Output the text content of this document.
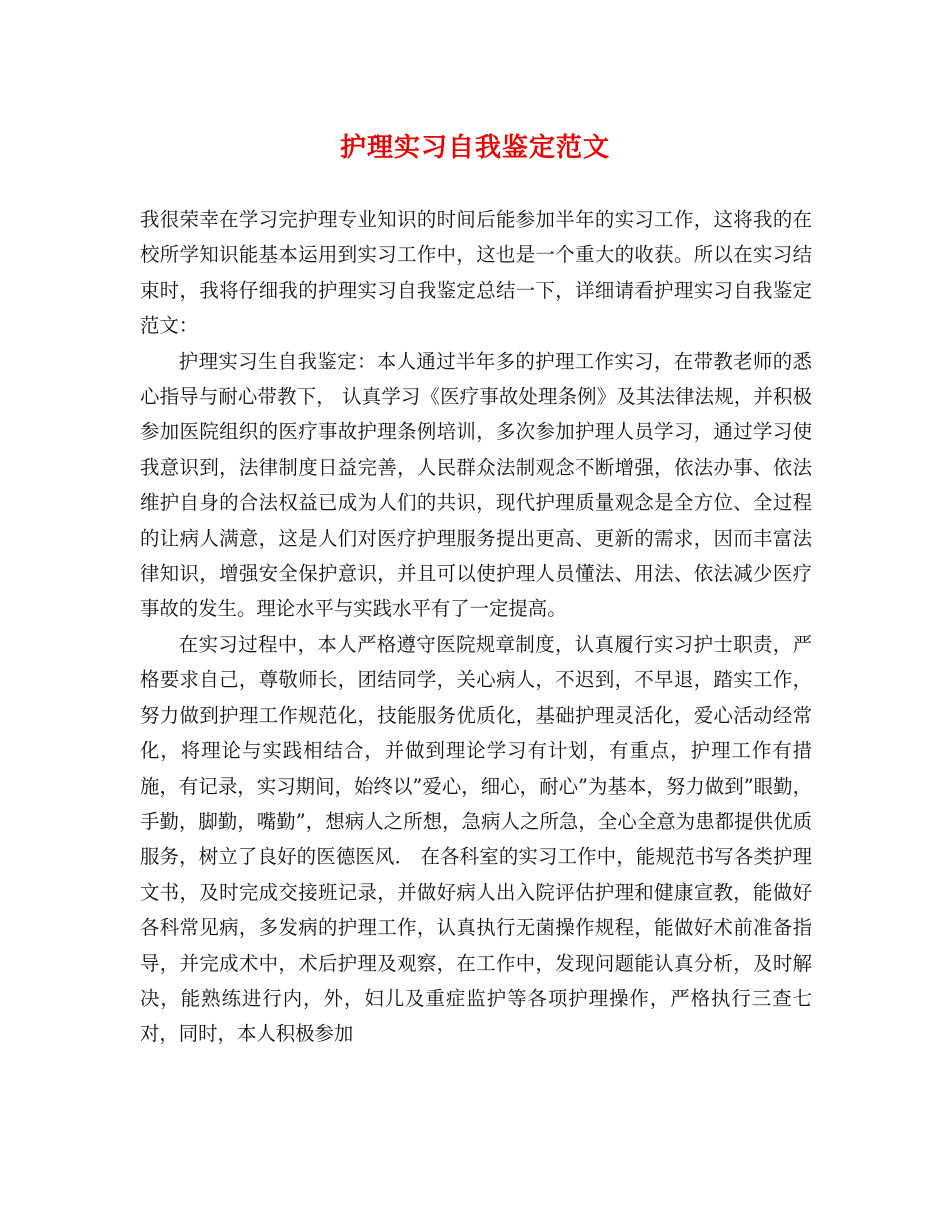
护理实习自我鉴定范文

我很荣幸在学习完护理专业知识的时间后能参加半年的实习工作，这将我的在校所学知识能基本运用到实习工作中，这也是一个重大的收获。所以在实习结束时，我将仔细我的护理实习自我鉴定总结一下，详细请看护理实习自我鉴定范文：

护理实习生自我鉴定：本人通过半年多的护理工作实习，在带教老师的悉心指导与耐心带教下， 认真学习《医疗事故处理条例》及其法律法规，并积极参加医院组织的医疗事故护理条例培训，多次参加护理人员学习，通过学习使我意识到，法律制度日益完善，人民群众法制观念不断增强，依法办事、依法维护自身的合法权益已成为人们的共识，现代护理质量观念是全方位、全过程的让病人满意，这是人们对医疗护理服务提出更高、更新的需求，因而丰富法律知识，增强安全保护意识，并且可以使护理人员懂法、用法、依法减少医疗事故的发生。理论水平与实践水平有了一定提高。

在实习过程中，本人严格遵守医院规章制度，认真履行实习护士职责，严格要求自己，尊敬师长，团结同学，关心病人，不迟到，不早退，踏实工作，努力做到护理工作规范化，技能服务优质化，基础护理灵活化，爱心活动经常化，将理论与实践相结合，并做到理论学习有计划，有重点，护理工作有措施，有记录，实习期间，始终以”爱心，细心，耐心”为基本，努力做到”眼勤，手勤，脚勤，嘴勤”，想病人之所想，急病人之所急，全心全意为患都提供优质服务，树立了良好的医德医风． 在各科室的实习工作中，能规范书写各类护理文书，及时完成交接班记录，并做好病人出入院评估护理和健康宣教，能做好各科常见病，多发病的护理工作，认真执行无菌操作规程，能做好术前准备指导，并完成术中，术后护理及观察，在工作中，发现问题能认真分析，及时解决，能熟练进行内，外，妇儿及重症监护等各项护理操作，严格执行三查七对，同时，本人积极参加
